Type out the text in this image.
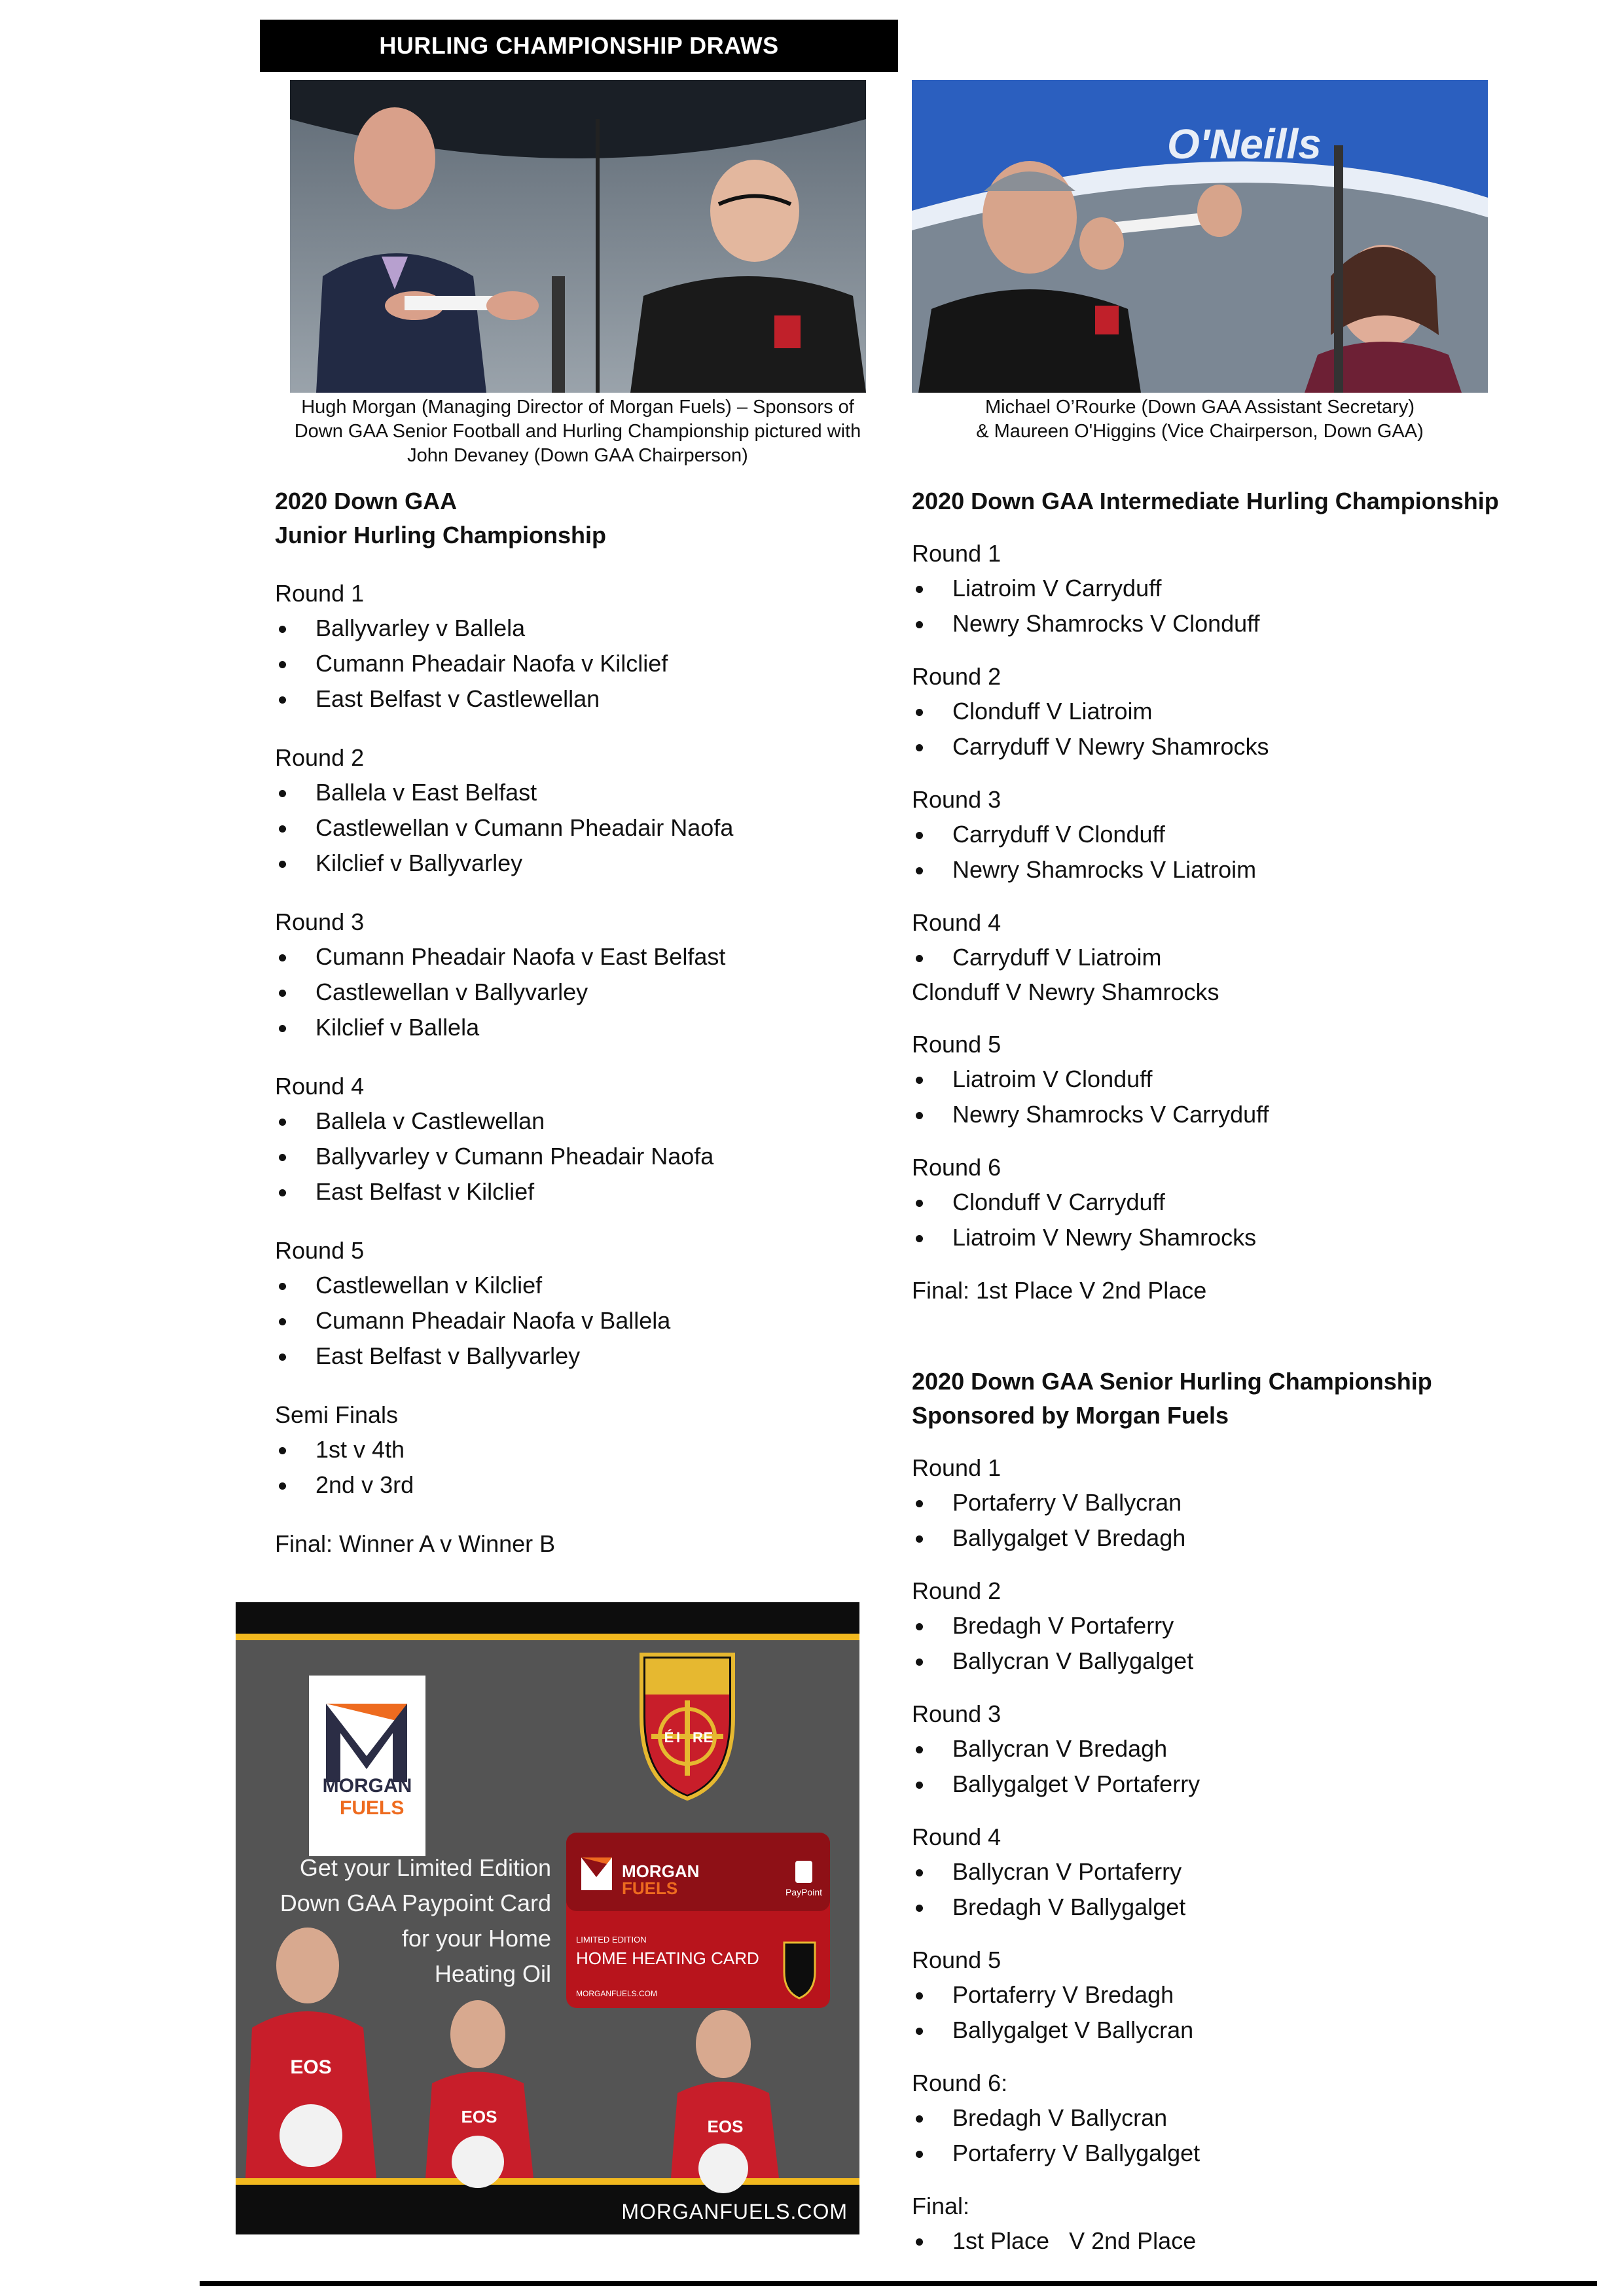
HURLING CHAMPIONSHIP DRAWS
Hugh Morgan (Managing Director of Morgan Fuels) – Sponsors of
Down GAA Senior Football and Hurling Championship pictured with
John Devaney (Down GAA Chairperson)
O'Neills
Michael O’Rourke (Down GAA Assistant Secretary)
& Maureen O'Higgins (Vice Chairperson, Down GAA)
2020 Down GAA
Junior Hurling Championship
Round 1
Ballyvarley v Ballela
Cumann Pheadair Naofa v Kilclief
East Belfast v Castlewellan
Round 2
Ballela v East Belfast
Castlewellan v Cumann Pheadair Naofa
Kilclief v Ballyvarley
Round 3
Cumann Pheadair Naofa v East Belfast
Castlewellan v Ballyvarley
Kilclief v Ballela
Round 4
Ballela v Castlewellan
Ballyvarley v Cumann Pheadair Naofa
East Belfast v Kilclief
Round 5
Castlewellan v Kilclief
Cumann Pheadair Naofa v Ballela
East Belfast v Ballyvarley
Semi Finals
1st v 4th
2nd v 3rd
Final: Winner A v Winner B
2020 Down GAA Intermediate Hurling Championship
Round 1
Liatroim V Carryduff
Newry Shamrocks V Clonduff
Round 2
Clonduff V Liatroim
Carryduff V Newry Shamrocks
Round 3
Carryduff V Clonduff
Newry Shamrocks V Liatroim
Round 4
Carryduff V Liatroim
Clonduff V Newry Shamrocks
Round 5
Liatroim V Clonduff
Newry Shamrocks V Carryduff
Round 6
Clonduff V Carryduff
Liatroim V Newry Shamrocks
Final: 1st Place V 2nd Place
2020 Down GAA Senior Hurling Championship
Sponsored by Morgan Fuels
Round 1
Portaferry V Ballycran
Ballygalget V Bredagh
Round 2
Bredagh V Portaferry
Ballycran V Ballygalget
Round 3
Ballycran V Bredagh
Ballygalget V Portaferry
Round 4
Ballycran V Portaferry
Bredagh V Ballygalget
Round 5
Portaferry V Bredagh
Ballygalget V Ballycran
Round 6:
Bredagh V Ballycran
Portaferry V Ballygalget
Final:
1st Place   V 2nd Place
MORGAN
FUELS
É I R E
Get your Limited Edition
Down GAA Paypoint Card
for your Home
Heating Oil
MORGAN
FUELS	PayPoint
LIMITED EDITION
HOME HEATING CARD
MORGANFUELS.COM
EOS
EOS	EOS
MORGANFUELS.COM
